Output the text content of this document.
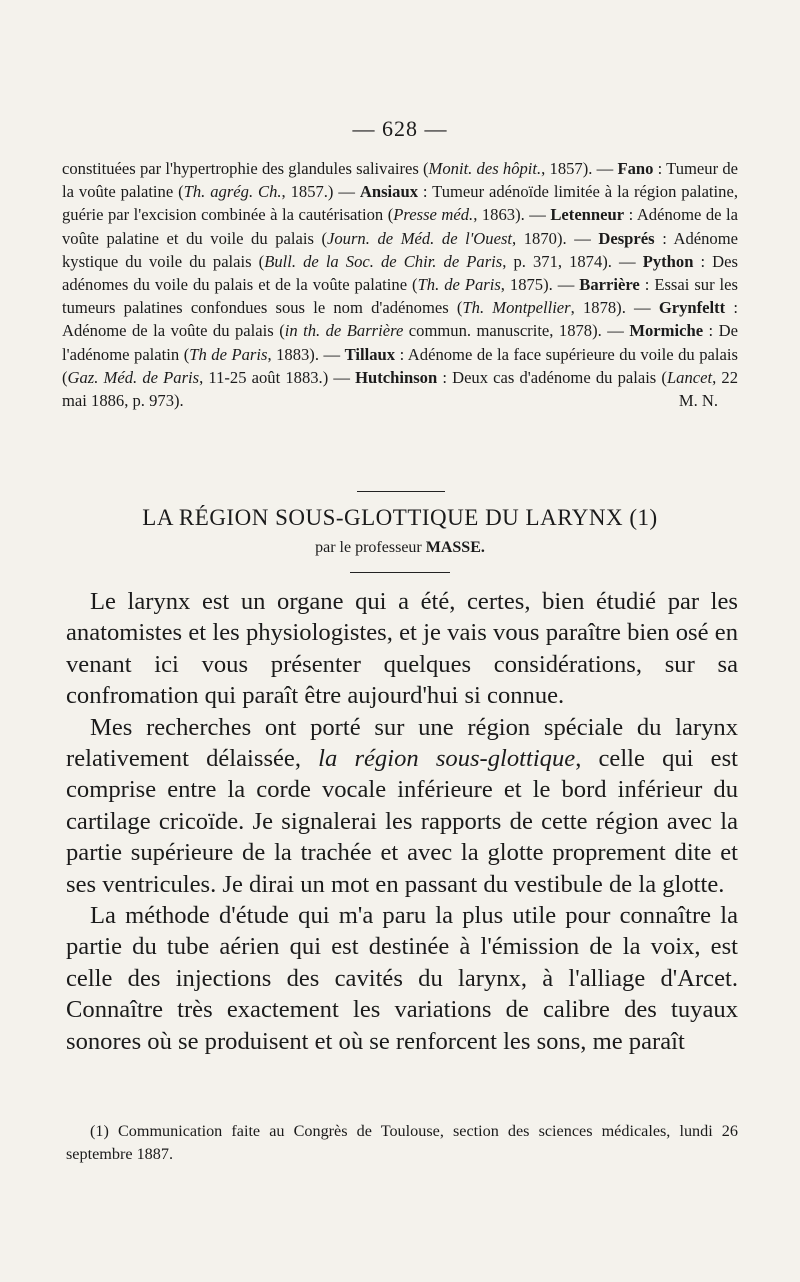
— 628 —

constituées par l'hypertrophie des glandules salivaires (Monit. des hôpit., 1857). — Fano : Tumeur de la voûte palatine (Th. agrég. Ch., 1857.) — Ansiaux : Tumeur adénoïde limitée à la région palatine, guérie par l'excision combinée à la cautérisation (Presse méd., 1863). — Letenneur : Adénome de la voûte palatine et du voile du palais (Journ. de Méd. de l'Ouest, 1870). — Després : Adénome kystique du voile du palais (Bull. de la Soc. de Chir. de Paris, p. 371, 1874). — Python : Des adénomes du voile du palais et de la voûte palatine (Th. de Paris, 1875). — Barrière : Essai sur les tumeurs palatines confondues sous le nom d'adénomes (Th. Montpellier, 1878). — Grynfeltt : Adénome de la voûte du palais (in th. de Barrière commun. manuscrite, 1878). — Mormiche : De l'adénome palatin (Th de Paris, 1883). — Tillaux : Adénome de la face supérieure du voile du palais (Gaz. Méd. de Paris, 11-25 août 1883.) — Hutchinson : Deux cas d'adénome du palais (Lancet, 22 mai 1886, p. 973).	M. N.

LA RÉGION SOUS-GLOTTIQUE DU LARYNX (1)
par le professeur MASSE.

Le larynx est un organe qui a été, certes, bien étudié par les anatomistes et les physiologistes, et je vais vous paraître bien osé en venant ici vous présenter quelques considérations, sur sa confromation qui paraît être aujourd'hui si connue.

Mes recherches ont porté sur une région spéciale du larynx relativement délaissée, la région sous-glottique, celle qui est comprise entre la corde vocale inférieure et le bord inférieur du cartilage cricoïde. Je signalerai les rapports de cette région avec la partie supérieure de la trachée et avec la glotte proprement dite et ses ventricules. Je dirai un mot en passant du vestibule de la glotte.

La méthode d'étude qui m'a paru la plus utile pour connaître la partie du tube aérien qui est destinée à l'émission de la voix, est celle des injections des cavités du larynx, à l'alliage d'Arcet. Connaître très exactement les variations de calibre des tuyaux sonores où se produisent et où se renforcent les sons, me paraît

(1) Communication faite au Congrès de Toulouse, section des sciences médicales, lundi 26 septembre 1887.
